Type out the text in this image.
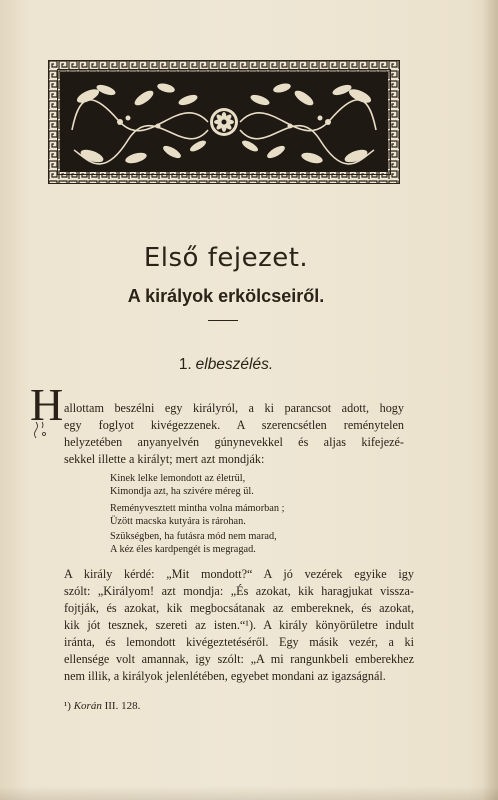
Első fejezet.
A királyok erkölcseiről.
1. elbeszélés.
H allottam beszélni egy királyról, a ki parancsot adott, hogy
egy foglyot kivégezzenek. A szerencsétlen reménytelen
helyzetében anyanyelvén gúnynevekkel és aljas kifejezé-
sekkel illette a királyt; mert azt mondják:
Kinek lelke lemondott az életrül,
Kimondja azt, ha szivére méreg ül.
Reményvesztett mintha volna mámorban ;
Üzött macska kutyára is rárohan.
Szükségben, ha futásra mód nem marad,
A kéz éles kardpengét is megragad.
A király kérdé: „Mit mondott?“ A jó vezérek egyike igy
szólt: „Királyom! azt mondja: „És azokat, kik haragjukat vissza-
fojtják, és azokat, kik megbocsátanak az embereknek, és azokat,
kik jót tesznek, szereti az isten.“¹). A király könyörületre indult
iránta, és lemondott kivégeztetéséről. Egy másik vezér, a ki
ellensége volt amannak, igy szólt: „A mi rangunkbeli emberekhez
nem illik, a királyok jelenlétében, egyebet mondani az igazságnál.
¹) Korán III. 128.
